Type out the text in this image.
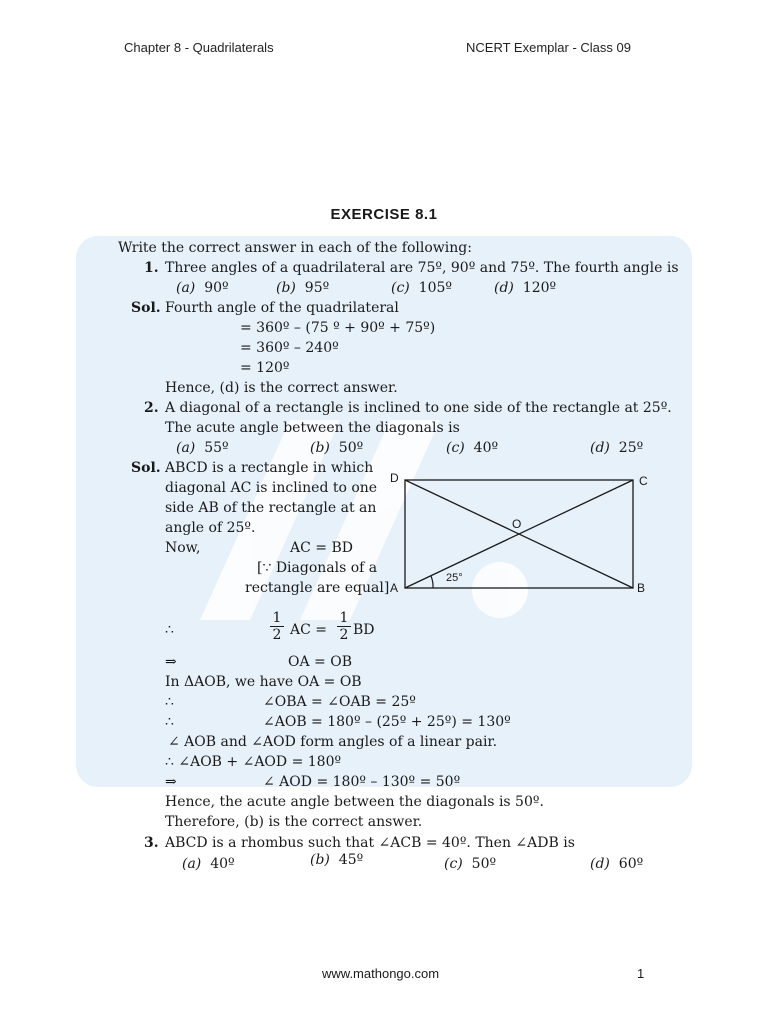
Chapter 8 - Quadrilaterals	NCERT Exemplar - Class 09
EXERCISE 8.1
Write the correct answer in each of the following:
1. Three angles of a quadrilateral are 75º, 90º and 75º. The fourth angle is
(a) 90º	(b) 95º	(c) 105º	(d) 120º
Sol. Fourth angle of the quadrilateral
= 360º – (75 º + 90º + 75º)
= 360º – 240º
= 120º
Hence, (d) is the correct answer.
2. A diagonal of a rectangle is inclined to one side of the rectangle at 25º.
The acute angle between the diagonals is
(a) 55º	(b) 50º	(c) 40º	(d) 25º
Sol. ABCD is a rectangle in which
diagonal AC is inclined to one
side AB of the rectangle at an
angle of 25º.
Now,	AC = BD
[∵ Diagonals of a
rectangle are equal]
∴	$\frac{1}{2}$ AC = $\frac{1}{2}$ BD
⇒	OA = OB
In ΔAOB, we have OA = OB
∴	∠OBA = ∠OAB = 25º
∴	∠AOB = 180º – (25º + 25º) = 130º
∠ AOB and ∠AOD form angles of a linear pair.
∴ ∠AOB + ∠AOD = 180º
⇒	∠ AOD = 180º – 130º = 50º
Hence, the acute angle between the diagonals is 50º.
Therefore, (b) is the correct answer.
D	C
A	B
O
25°
3. ABCD is a rhombus such that ∠ACB = 40º. Then ∠ADB is
(a) 40º	(b) 45º	(c) 50º	(d) 60º
www.mathongo.com	1
